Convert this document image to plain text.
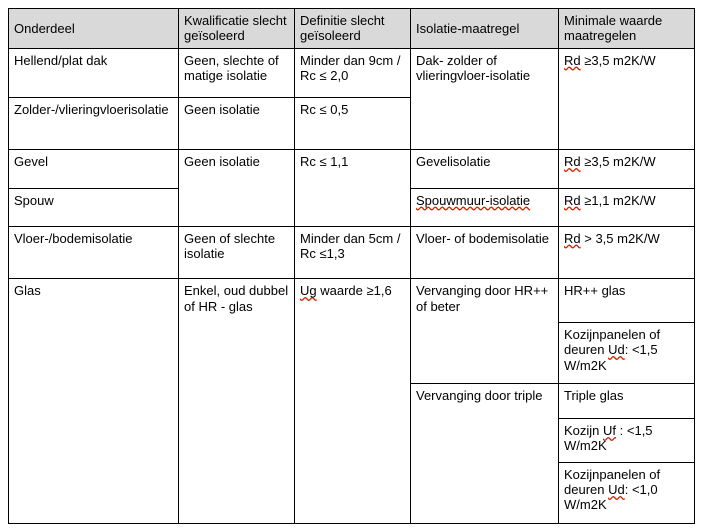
Onderdeel	Kwalificatie slecht geïsoleerd	Definitie slecht geïsoleerd	Isolatie-maatregel	Minimale waarde maatregelen
Hellend/plat dak	Geen, slechte of matige isolatie	Minder dan 9cm / Rc ≤ 2,0	Dak- zolder of vlieringvloer-isolatie	Rd ≥3,5 m2K/W
Zolder-/vlieringvloerisolatie	Geen isolatie	Rc ≤ 0,5		
Gevel	Geen isolatie	Rc ≤ 1,1	Gevelisolatie	Rd ≥3,5 m2K/W
Spouw			Spouwmuur-isolatie	Rd ≥1,1 m2K/W
Vloer-/bodemisolatie	Geen of slechte isolatie	Minder dan 5cm / Rc ≤1,3	Vloer- of bodemisolatie	Rd > 3,5 m2K/W
Glas	Enkel, oud dubbel of HR - glas	Ug waarde ≥1,6	Vervanging door HR++ of beter	HR++ glas
				Kozijnpanelen of deuren Ud: <1,5 W/m2K
			Vervanging door triple	Triple glas
				Kozijn Uf : <1,5 W/m2K
				Kozijnpanelen of deuren Ud: <1,0 W/m2K
